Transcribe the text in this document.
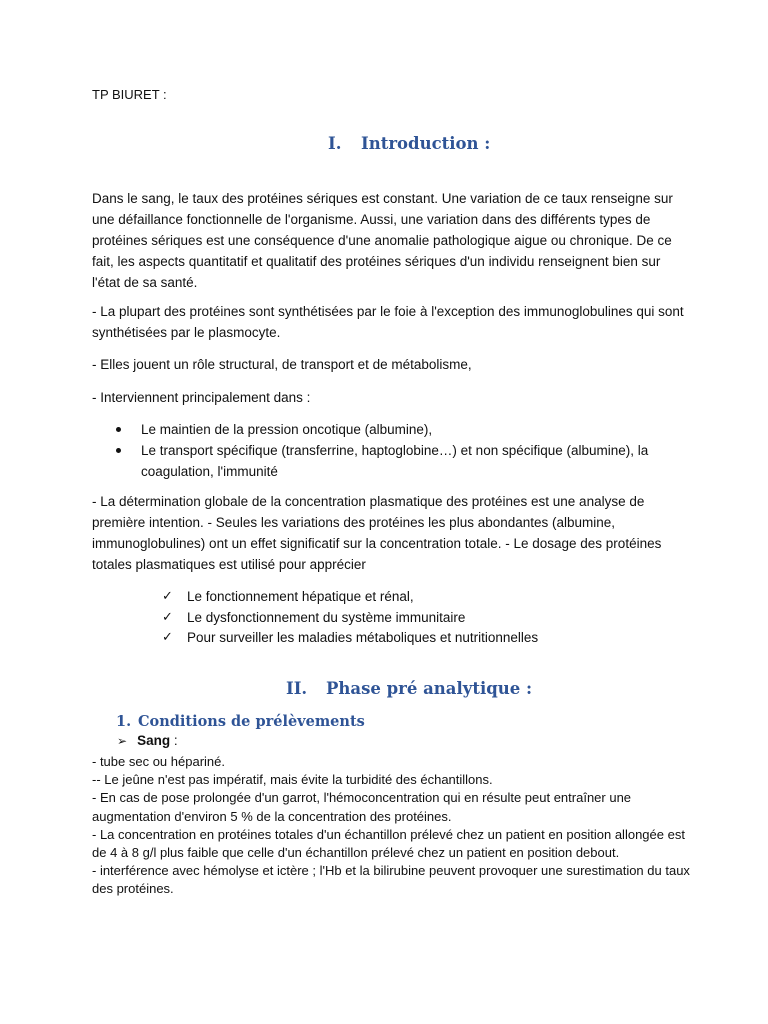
TP BIURET :

I. Introduction :

Dans le sang, le taux des protéines sériques est constant. Une variation de ce taux renseigne sur une défaillance fonctionnelle de l'organisme. Aussi, une variation dans des différents types de protéines sériques est une conséquence d'une anomalie pathologique aigue ou chronique. De ce fait, les aspects quantitatif et qualitatif des protéines sériques d'un individu renseignent bien sur l'état de sa santé.

- La plupart des protéines sont synthétisées par le foie à l'exception des immunoglobulines qui sont synthétisées par le plasmocyte.

- Elles jouent un rôle structural, de transport et de métabolisme,

- Interviennent principalement dans :

Le maintien de la pression oncotique (albumine),
Le transport spécifique (transferrine, haptoglobine…) et non spécifique (albumine), la coagulation, l'immunité

- La détermination globale de la concentration plasmatique des protéines est une analyse de première intention. - Seules les variations des protéines les plus abondantes (albumine, immunoglobulines) ont un effet significatif sur la concentration totale. - Le dosage des protéines totales plasmatiques est utilisé pour apprécier

✓ Le fonctionnement hépatique et rénal,
✓ Le dysfonctionnement du système immunitaire
✓ Pour surveiller les maladies métaboliques et nutritionnelles
II. Phase pré analytique :
1. Conditions de prélèvements
➢ Sang :
- tube sec ou hépariné.
-- Le jeûne n'est pas impératif, mais évite la turbidité des échantillons.
- En cas de pose prolongée d'un garrot, l'hémoconcentration qui en résulte peut entraîner une augmentation d'environ 5 % de la concentration des protéines.
- La concentration en protéines totales d'un échantillon prélevé chez un patient en position allongée est de 4 à 8 g/l plus faible que celle d'un échantillon prélevé chez un patient en position debout.
- interférence avec hémolyse et ictère ; l'Hb et la bilirubine peuvent provoquer une surestimation du taux des protéines.
